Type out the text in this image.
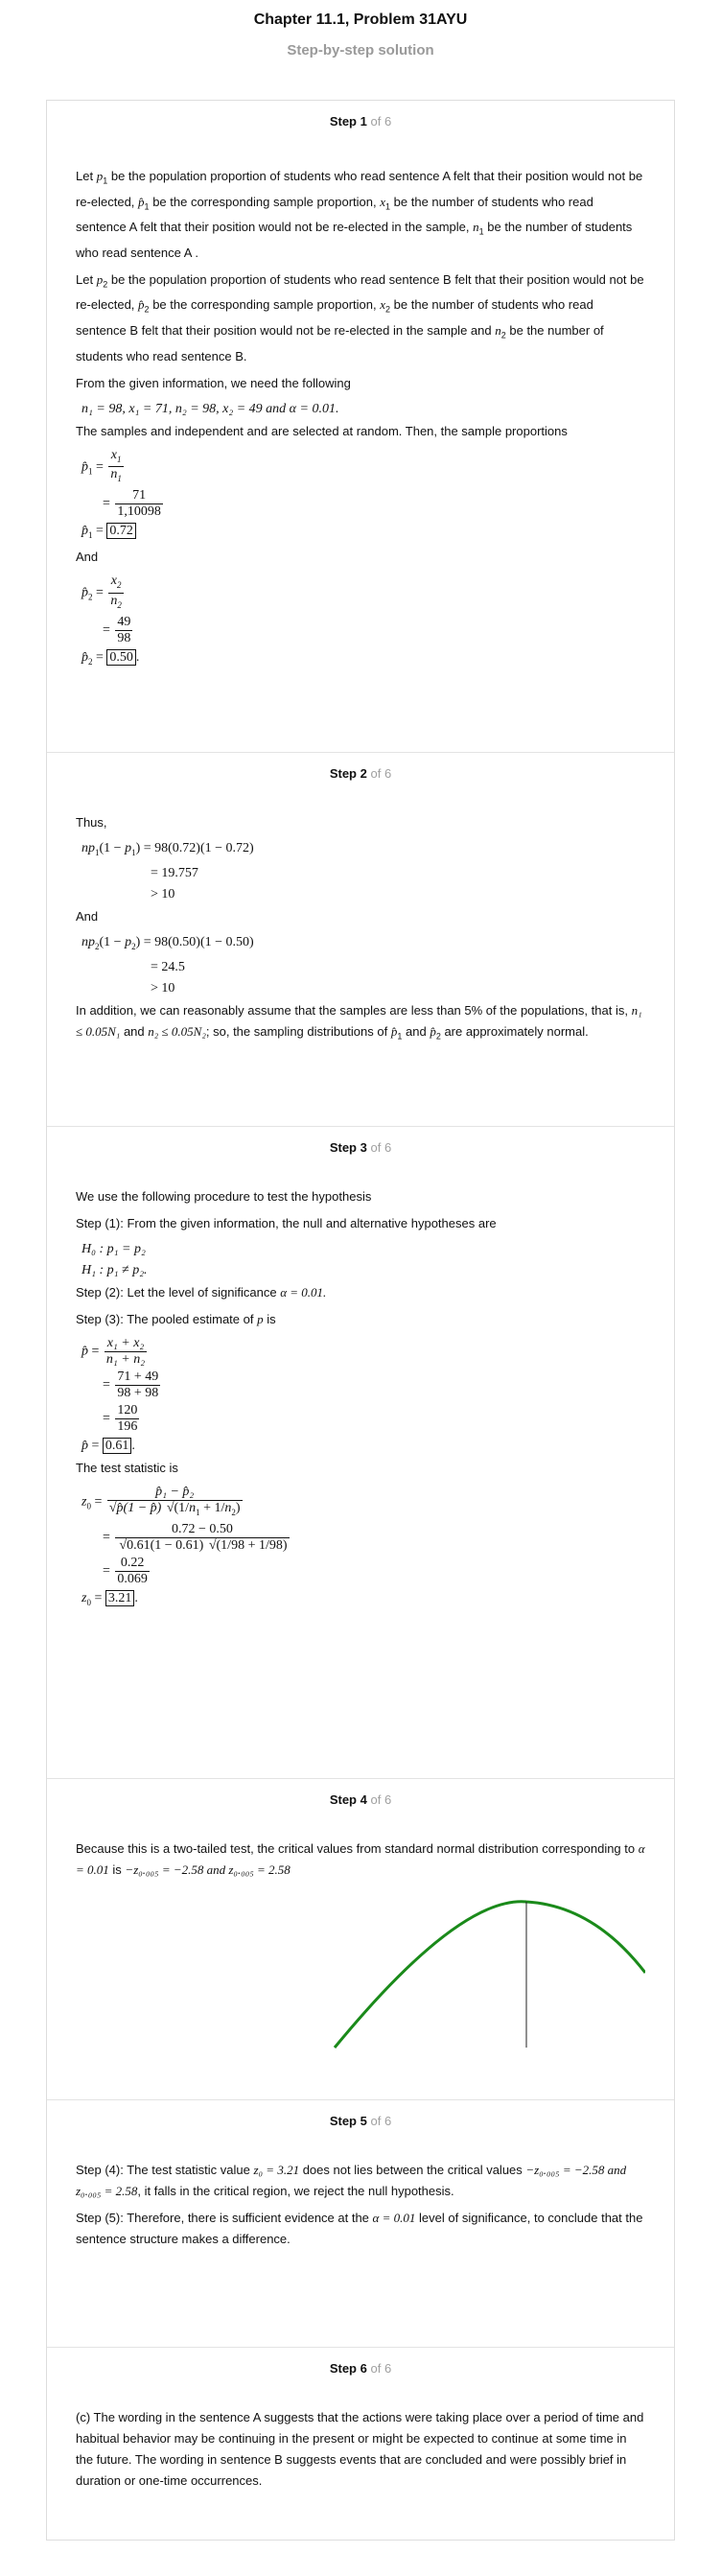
Chapter 11.1, Problem 31AYU
Step-by-step solution
Step 1 of 6

Let $p_1$ be the population proportion of students who read sentence A felt that their position would not be re-elected, $p̂_1$ be the corresponding sample proportion, $x_1$ be the number of students who read sentence A felt that their position would not be re-elected in the sample, $n_1$ be the number of students who read sentence A .

Let $p_2$ be the population proportion of students who read sentence B felt that their position would not be re-elected, $p̂_2$ be the corresponding sample proportion, $x_2$ be the number of students who read sentence B felt that their position would not be re-elected in the sample and $n_2$ be the number of students who read sentence B.

From the given information, we need the following

n₁ = 98, x₁ = 71, n₂ = 98, x₂ = 49 and α = 0.01.

The samples and independent and are selected at random. Then, the sample proportions

$p̂_1 = \frac{x_1}{n_1}$
= $\frac{71}{1,10098}$
$p̂_1 = 0.72$

And

$p̂_2 = \frac{x_2}{n_2}$
= $\frac{49}{98}$
$p̂_2 = 0.50$ .
Step 2 of 6

Thus,

$np_1(1 - p_1) = 98(0.72)(1 - 0.72)$
= 19.757
> 10

And

$np_2(1 - p_2) = 98(0.50)(1 - 0.50)$
= 24.5
> 10

In addition, we can reasonably assume that the samples are less than 5% of the populations, that is, n₁ ≤ 0.05N₁ and n₂ ≤ 0.05N₂; so, the sampling distributions of $p̂_1$ and $p̂_2$ are approximately normal.

Step 3 of 6

We use the following procedure to test the hypothesis

Step (1): From the given information, the null and alternative hypotheses are

H₀ : p₁ = p₂
H₁ : p₁ ≠ p₂.

Step (2): Let the level of significance α = 0.01.

Step (3): The pooled estimate of p is

p̂ = $\frac{\text{x₁ + x₂}}{\text{n₁ + n₂}}$
= $\frac{71 + 49}{98 + 98}$
= $\frac{120}{196}$
p̂ = 0.61 .

The test statistic is

$z_0 = \frac{\text{p̂₁ − p̂₂}}{√p̂(1 - p̂) √(1/n_1 + 1/n_2)}$
= $\frac{0.72 - 0.50}{√0.61(1 - 0.61) √(1/98 + 1/98)}$
= $\frac{0.22}{0.069}$
$z_0 = 3.21$ .
Step 4 of 6

Because this is a two-tailed test, the critical values from standard normal distribution corresponding to α = 0.01 is −z₀.₀₀₅ = −2.58 and z₀.₀₀₅ = 2.58

Step 5 of 6

Step (4): The test statistic value z₀ = 3.21 does not lies between the critical values −z₀.₀₀₅ = −2.58 and z₀.₀₀₅ = 2.58, it falls in the critical region, we reject the null hypothesis.

Step (5): Therefore, there is sufficient evidence at the α = 0.01 level of significance, to conclude that the sentence structure makes a difference.

Step 6 of 6

(c) The wording in the sentence A suggests that the actions were taking place over a period of time and habitual behavior may be continuing in the present or might be expected to continue at some time in the future. The wording in sentence B suggests events that are concluded and were possibly brief in duration or one-time occurrences.
